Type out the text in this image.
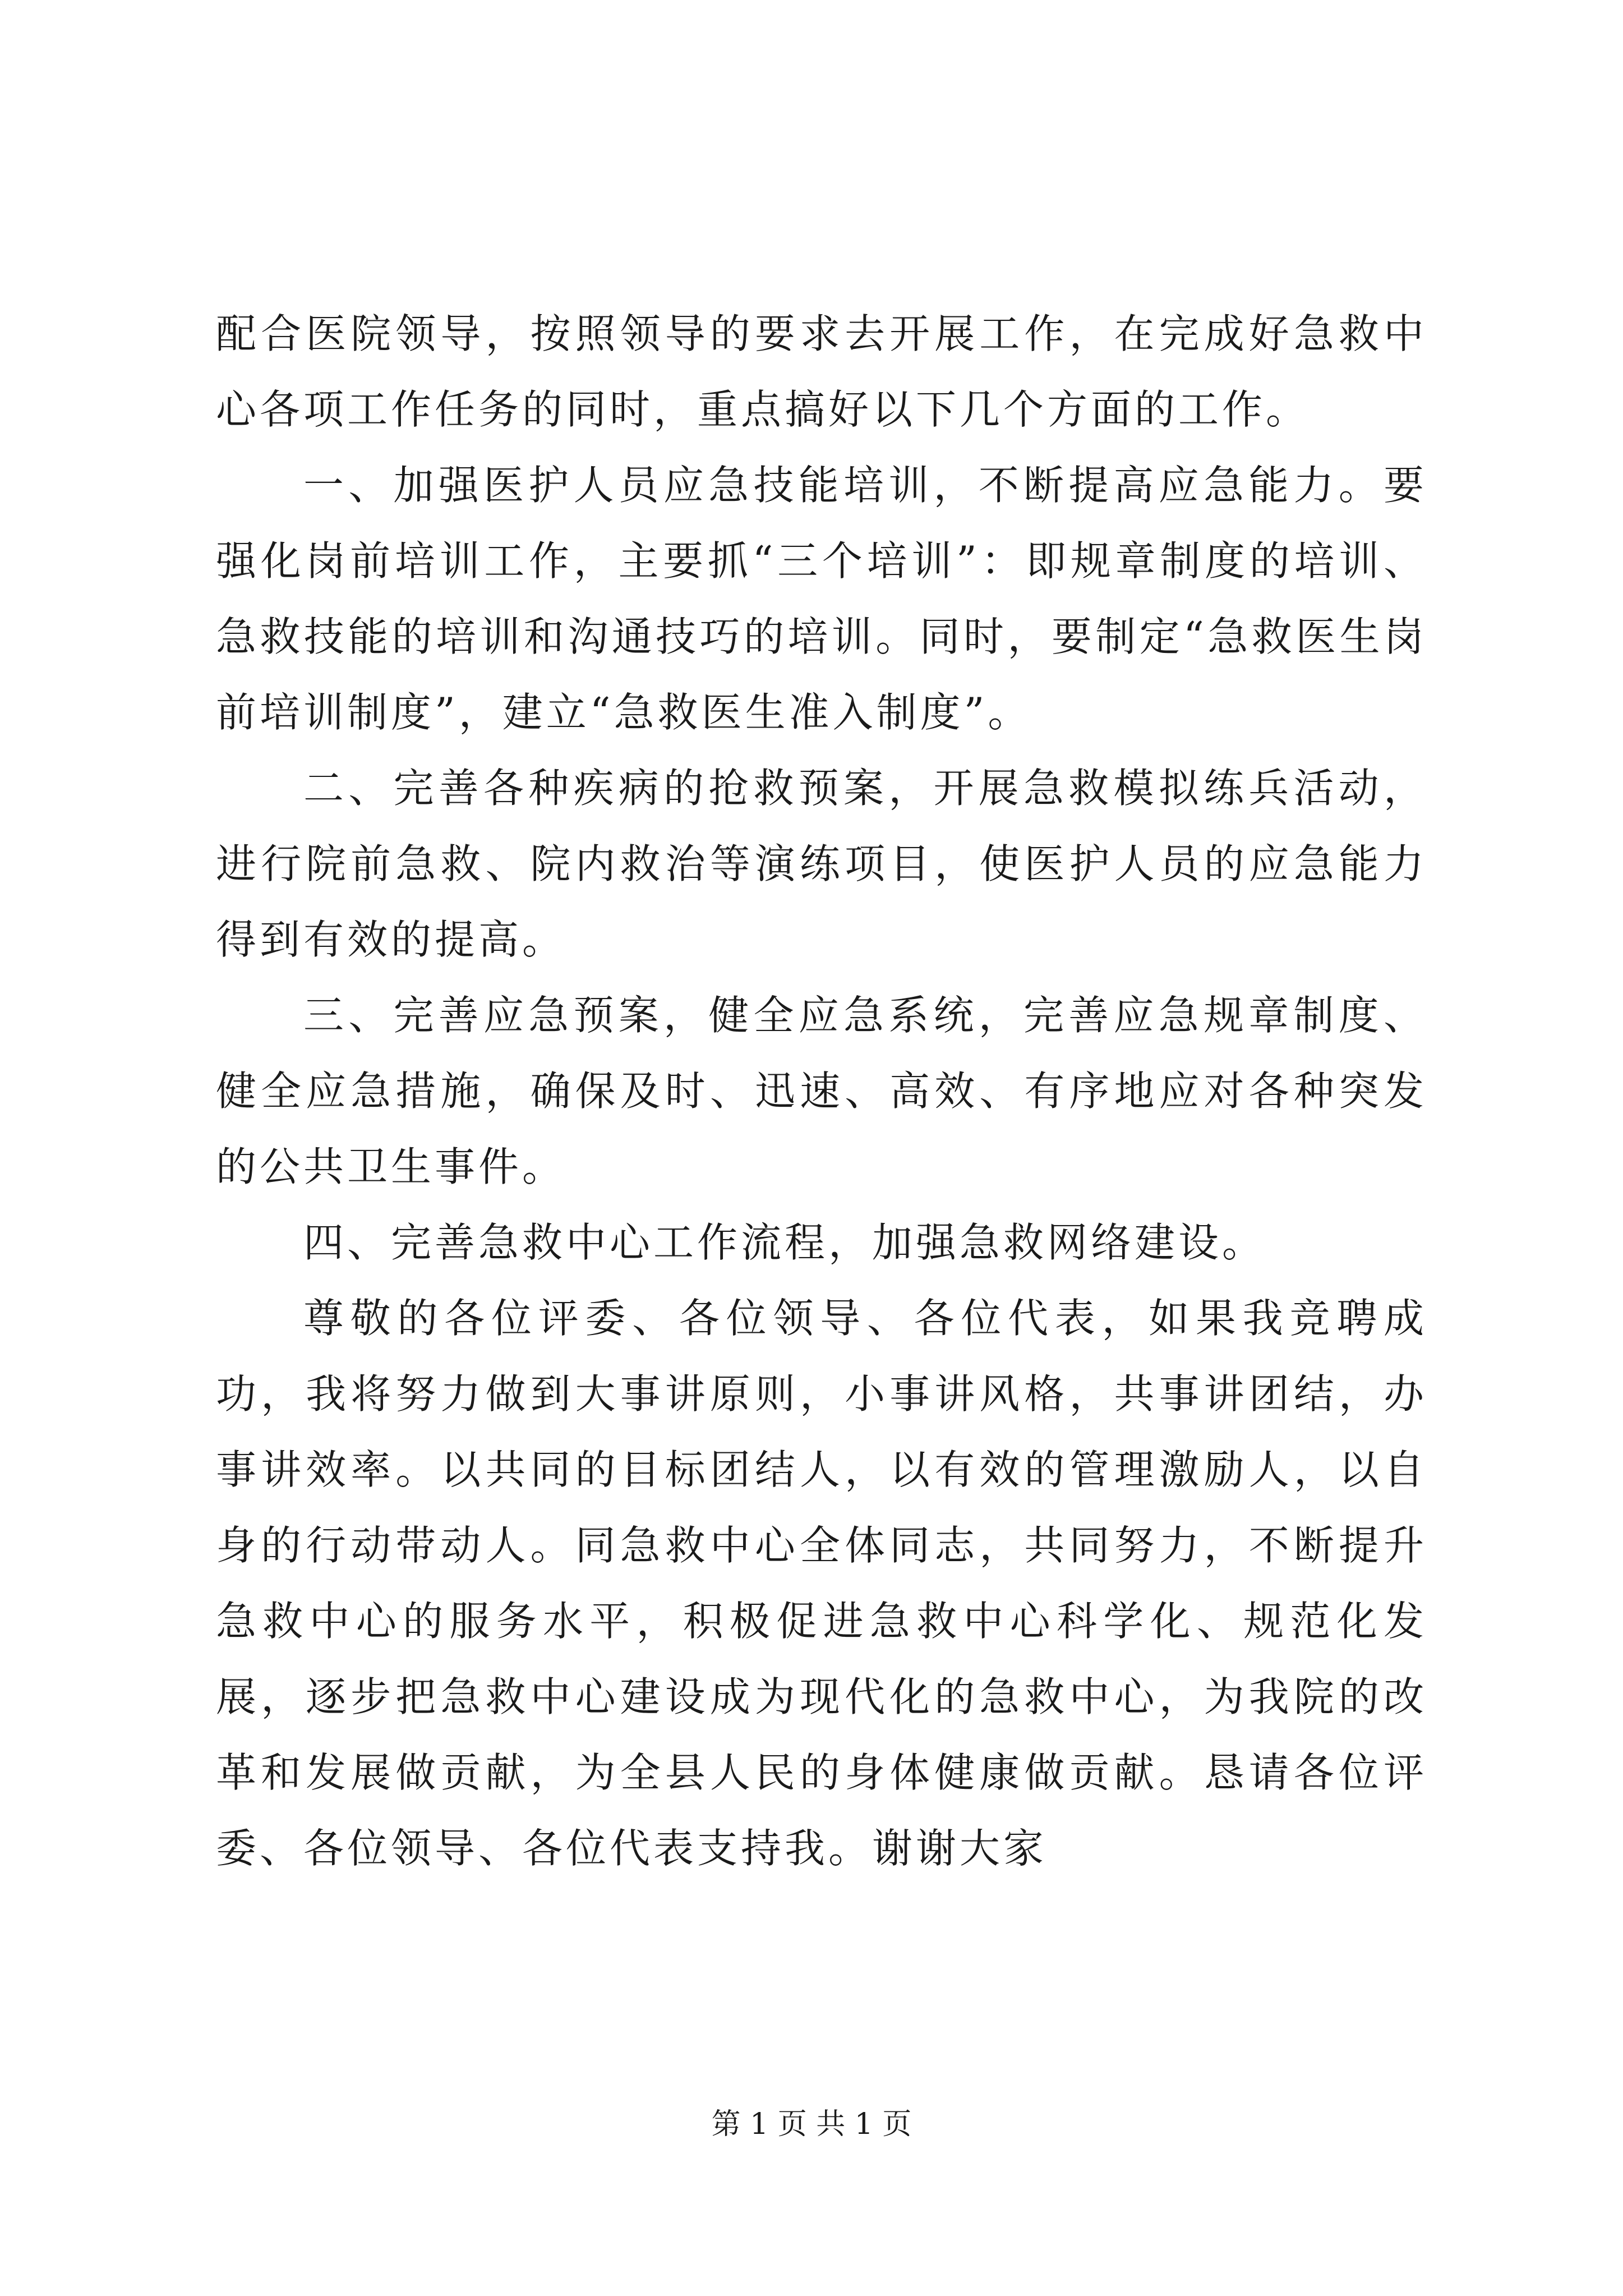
配合医院领导，按照领导的要求去开展工作，在完成好急救中心各项工作任务的同时，重点搞好以下几个方面的工作。

一、加强医护人员应急技能培训，不断提高应急能力。要强化岗前培训工作，主要抓“三个培训”：即规章制度的培训、急救技能的培训和沟通技巧的培训。同时，要制定“急救医生岗前培训制度”，建立“急救医生准入制度”。

二、完善各种疾病的抢救预案，开展急救模拟练兵活动，进行院前急救、院内救治等演练项目，使医护人员的应急能力得到有效的提高。

三、完善应急预案，健全应急系统，完善应急规章制度、健全应急措施，确保及时、迅速、高效、有序地应对各种突发的公共卫生事件。

四、完善急救中心工作流程，加强急救网络建设。

尊敬的各位评委、各位领导、各位代表，如果我竞聘成功，我将努力做到大事讲原则，小事讲风格，共事讲团结，办事讲效率。以共同的目标团结人，以有效的管理激励人，以自身的行动带动人。同急救中心全体同志，共同努力，不断提升急救中心的服务水平，积极促进急救中心科学化、规范化发展，逐步把急救中心建设成为现代化的急救中心，为我院的改革和发展做贡献，为全县人民的身体健康做贡献。恳请各位评委、各位领导、各位代表支持我。谢谢大家

第 1 页 共 1 页
